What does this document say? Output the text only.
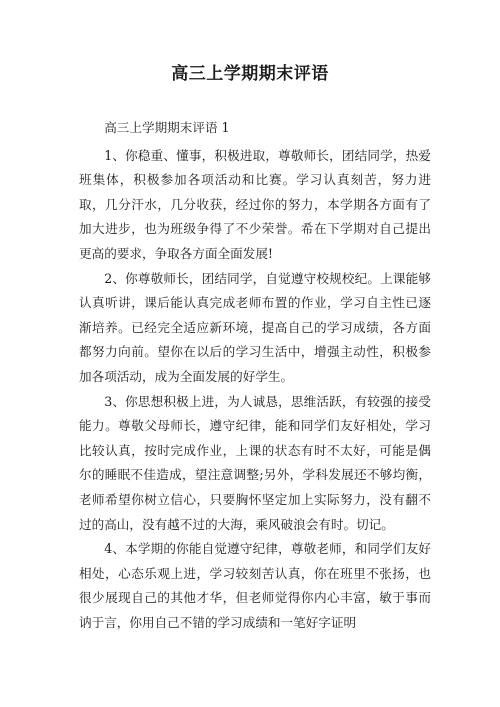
高三上学期期末评语

高三上学期期末评语 1

1、你稳重、懂事，积极进取，尊敬师长，团结同学，热爱班集体，积极参加各项活动和比赛。学习认真刻苦，努力进取，几分汗水，几分收获，经过你的努力，本学期各方面有了加大进步，也为班级争得了不少荣誉。希在下学期对自己提出更高的要求，争取各方面全面发展!

2、你尊敬师长，团结同学，自觉遵守校规校纪。上课能够认真听讲，课后能认真完成老师布置的作业，学习自主性已逐渐培养。已经完全适应新环境，提高自己的学习成绩，各方面都努力向前。望你在以后的学习生活中，增强主动性，积极参加各项活动，成为全面发展的好学生。

3、你思想积极上进，为人诚恳，思维活跃，有较强的接受能力。尊敬父母师长，遵守纪律，能和同学们友好相处，学习比较认真，按时完成作业，上课的状态有时不太好，可能是偶尔的睡眠不佳造成，望注意调整;另外，学科发展还不够均衡，老师希望你树立信心，只要胸怀坚定加上实际努力，没有翻不过的高山，没有越不过的大海，乘风破浪会有时。切记。

4、本学期的你能自觉遵守纪律，尊敬老师，和同学们友好相处，心态乐观上进，学习较刻苦认真，你在班里不张扬，也很少展现自己的其他才华，但老师觉得你内心丰富，敏于事而讷于言，你用自己不错的学习成绩和一笔好字证明
